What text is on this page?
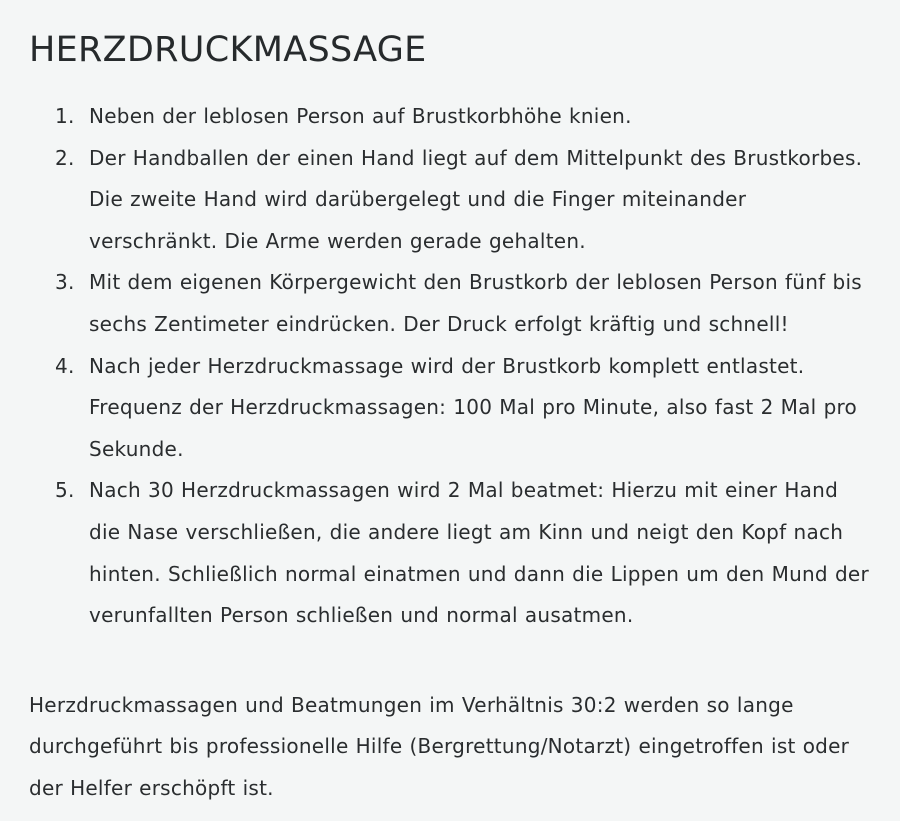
HERZDRUCKMASSAGE
1. Neben der leblosen Person auf Brustkorbhöhe knien.
2. Der Handballen der einen Hand liegt auf dem Mittelpunkt des Brustkorbes.
Die zweite Hand wird darübergelegt und die Finger miteinander
verschränkt. Die Arme werden gerade gehalten.
3. Mit dem eigenen Körpergewicht den Brustkorb der leblosen Person fünf bis
sechs Zentimeter eindrücken. Der Druck erfolgt kräftig und schnell!
4. Nach jeder Herzdruckmassage wird der Brustkorb komplett entlastet.
Frequenz der Herzdruckmassagen: 100 Mal pro Minute, also fast 2 Mal pro
Sekunde.
5. Nach 30 Herzdruckmassagen wird 2 Mal beatmet: Hierzu mit einer Hand
die Nase verschließen, die andere liegt am Kinn und neigt den Kopf nach
hinten. Schließlich normal einatmen und dann die Lippen um den Mund der
verunfallten Person schließen und normal ausatmen.

Herzdruckmassagen und Beatmungen im Verhältnis 30:2 werden so lange
durchgeführt bis professionelle Hilfe (Bergrettung/Notarzt) eingetroffen ist oder
der Helfer erschöpft ist.
